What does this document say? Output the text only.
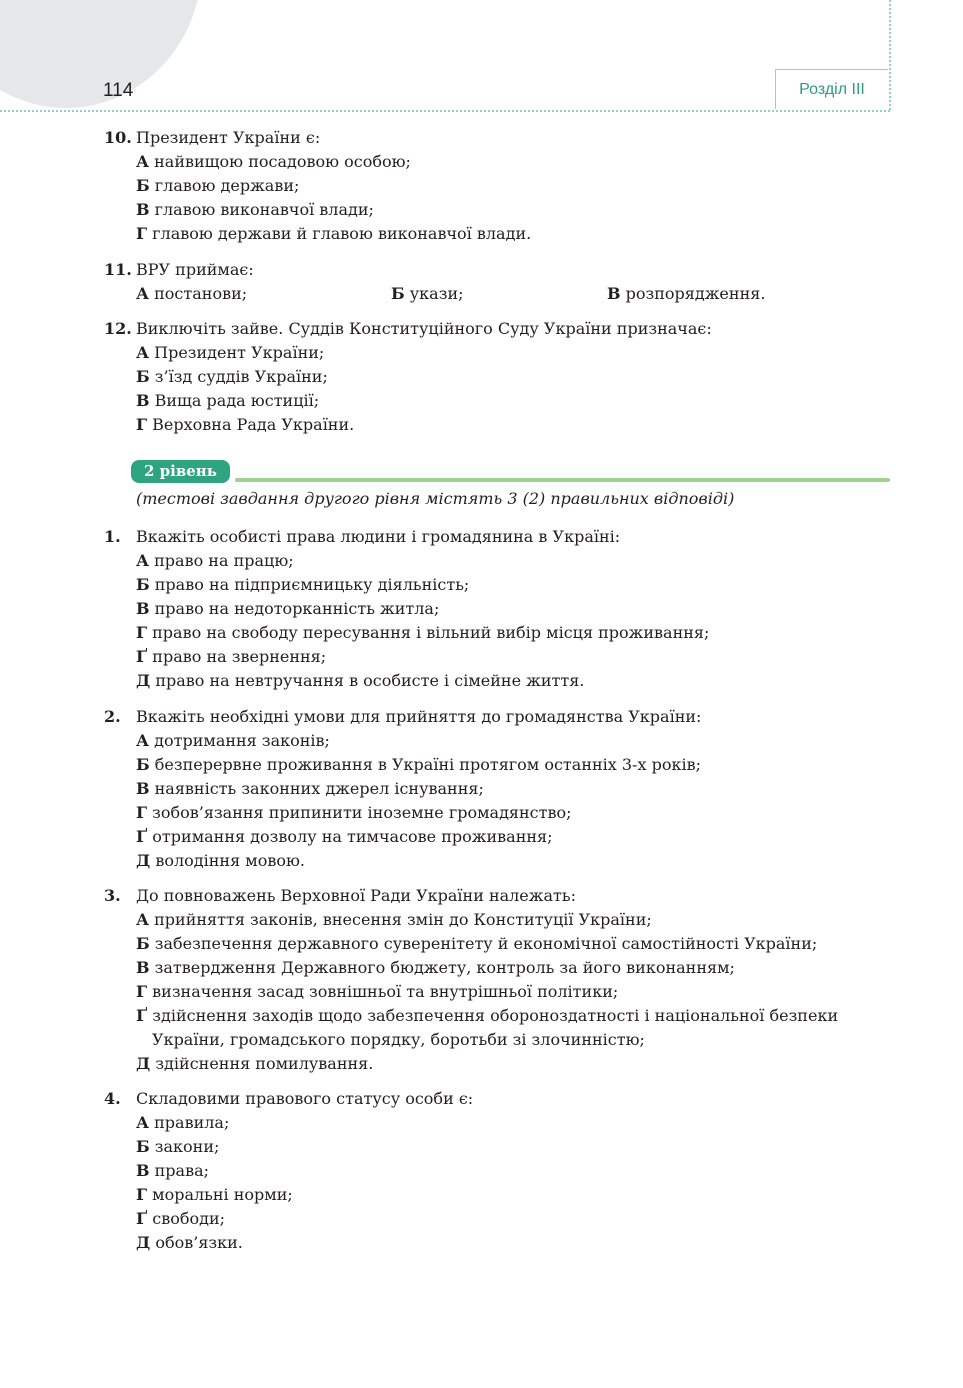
114	Розділ ІІІ
10. Президент України є:
А найвищою посадовою особою;
Б главою держави;
В главою виконавчої влади;
Г главою держави й главою виконавчої влади.
11. ВРУ приймає:
А постанови;	Б укази;	В розпорядження.
12. Виключіть зайве. Суддів Конституційного Суду України призначає:
А Президент України;
Б з’їзд суддів України;
В Вища рада юстиції;
Г Верховна Рада України.
2 рівень
(тестові завдання другого рівня містять 3 (2) правильних відповіді)
1. Вкажіть особисті права людини і громадянина в Україні:
А право на працю;
Б право на підприємницьку діяльність;
В право на недоторканність житла;
Г право на свободу пересування і вільний вибір місця проживання;
Ґ право на звернення;
Д право на невтручання в особисте і сімейне життя.
2. Вкажіть необхідні умови для прийняття до громадянства України:
А дотримання законів;
Б безперервне проживання в Україні протягом останніх 3-х років;
В наявність законних джерел існування;
Г зобов’язання припинити іноземне громадянство;
Ґ отримання дозволу на тимчасове проживання;
Д володіння мовою.
3. До повноважень Верховної Ради України належать:
А прийняття законів, внесення змін до Конституції України;
Б забезпечення державного суверенітету й економічної самостійності України;
В затвердження Державного бюджету, контроль за його виконанням;
Г визначення засад зовнішньої та внутрішньої політики;
Ґ здійснення заходів щодо забезпечення обороноздатності і національної безпеки України, громадського порядку, боротьби зі злочинністю;
Д здійснення помилування.
4. Складовими правового статусу особи є:
А правила;
Б закони;
В права;
Г моральні норми;
Ґ свободи;
Д обов’язки.
